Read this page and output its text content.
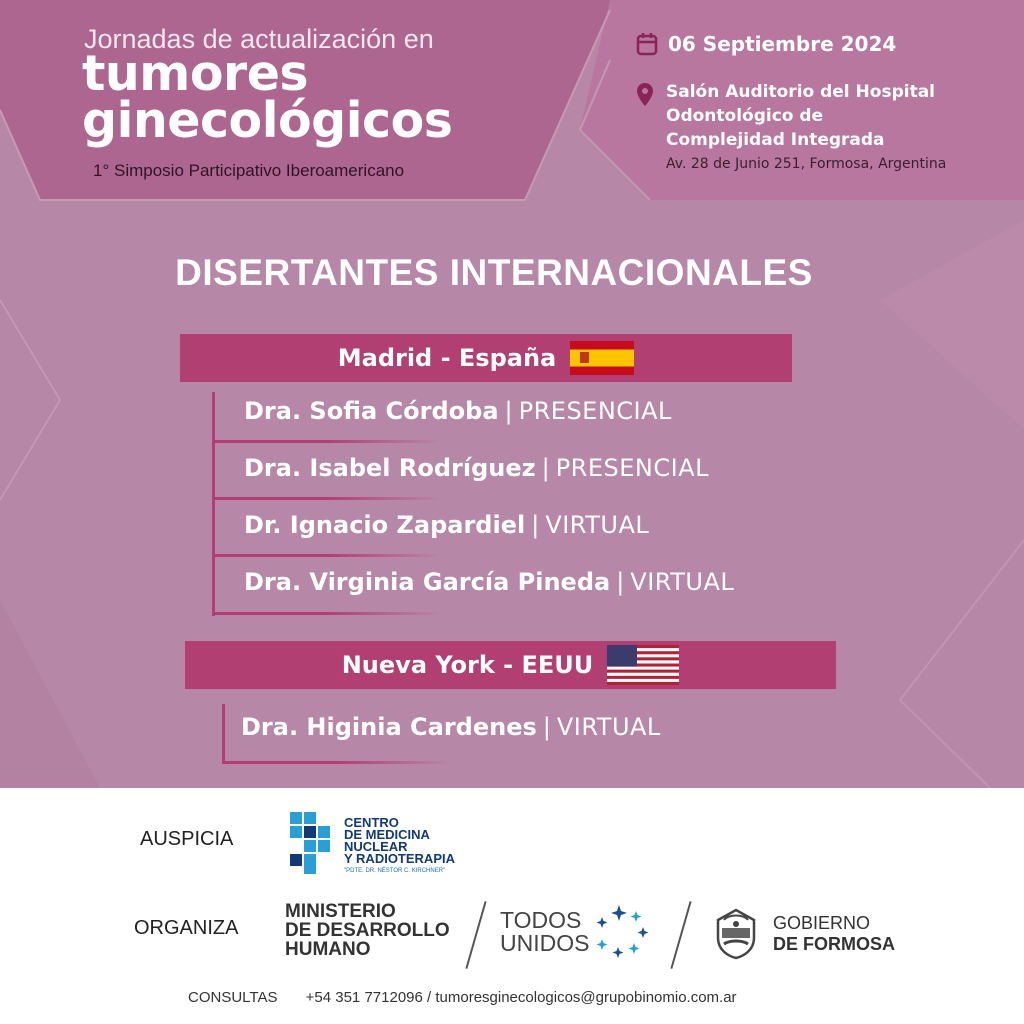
Jornadas de actualización en
tumores
ginecológicos
1° Simposio Participativo Iberoamericano
06 Septiembre 2024
Salón Auditorio del Hospital
Odontológico de
Complejidad Integrada
Av. 28 de Junio 251, Formosa, Argentina
DISERTANTES INTERNACIONALES
Madrid - España
Dra. Sofia Córdoba | PRESENCIAL
Dra. Isabel Rodríguez | PRESENCIAL
Dr. Ignacio Zapardiel | VIRTUAL
Dra. Virginia García Pineda | VIRTUAL
Nueva York - EEUU
Dra. Higinia Cardenes | VIRTUAL
AUSPICIA
ORGANIZA
CENTRO
DE MEDICINA
NUCLEAR
Y RADIOTERAPIA
"PDTE. DR. NÉSTOR C. KIRCHNER"
MINISTERIO
DE DESARROLLO
HUMANO
TODOS
UNIDOS
GOBIERNO
DE FORMOSA
CONSULTAS +54 351 7712096 / tumoresginecologicos@grupobinomio.com.ar
